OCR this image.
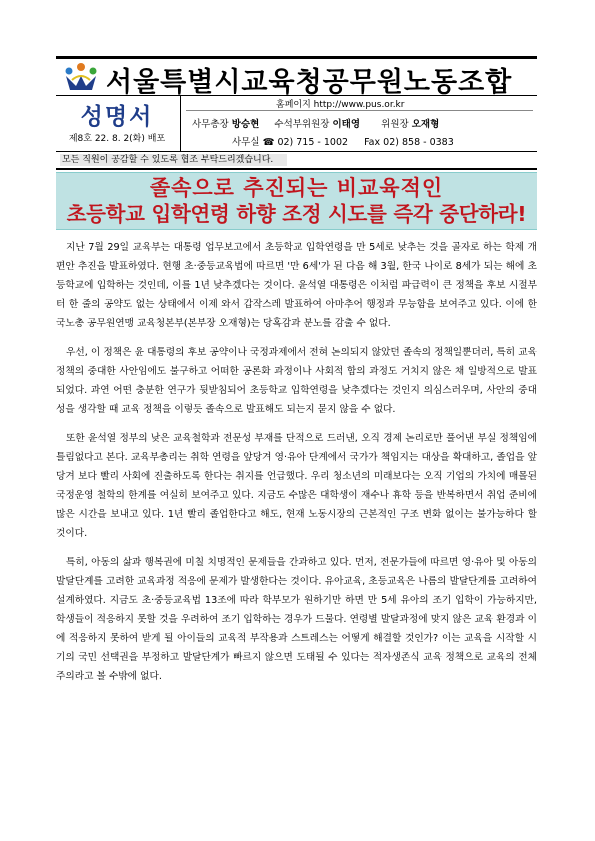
서울특별시교육청공무원노동조합
성명서
제8호 22. 8. 2(화) 배포
홈페이지 http://www.pus.or.kr
사무총장 방승현 수석부위원장 이태영 위원장 오재형
사무실 ☎ 02) 715 - 1002 Fax 02) 858 - 0383
모든 직원이 공감할 수 있도록 협조 부탁드리겠습니다.
졸속으로 추진되는 비교육적인
초등학교 입학연령 하향 조정 시도를 즉각 중단하라!

지난 7월 29일 교육부는 대통령 업무보고에서 초등학교 입학연령을 만 5세로 낮추는 것을 골자로 하는 학제 개편안 추진을 발표하였다. 현행 초·중등교육법에 따르면 '만 6세'가 된 다음 해 3월, 한국 나이로 8세가 되는 해에 초등학교에 입학하는 것인데, 이를 1년 낮추겠다는 것이다. 윤석열 대통령은 이처럼 파급력이 큰 정책을 후보 시절부터 한 줄의 공약도 없는 상태에서 이제 와서 갑작스레 발표하여 아마추어 행정과 무능함을 보여주고 있다. 이에 한국노총 공무원연맹 교육청본부(본부장 오재형)는 당혹감과 분노를 감출 수 없다.

우선, 이 정책은 윤 대통령의 후보 공약이나 국정과제에서 전혀 논의되지 않았던 졸속의 정책일뿐더러, 특히 교육정책의 중대한 사안임에도 불구하고 어떠한 공론화 과정이나 사회적 합의 과정도 거치지 않은 채 일방적으로 발표되었다. 과연 어떤 충분한 연구가 뒷받침되어 초등학교 입학연령을 낮추겠다는 것인지 의심스러우며, 사안의 중대성을 생각할 때 교육 정책을 이렇듯 졸속으로 발표해도 되는지 묻지 않을 수 없다.

또한 윤석열 정부의 낮은 교육철학과 전문성 부재를 단적으로 드러낸, 오직 경제 논리로만 풀어낸 부실 정책임에 틀림없다고 본다. 교육부총리는 취학 연령을 앞당겨 영·유아 단계에서 국가가 책임지는 대상을 확대하고, 졸업을 앞당겨 보다 빨리 사회에 진출하도록 한다는 취지를 언급했다. 우리 청소년의 미래보다는 오직 기업의 가치에 매몰된 국정운영 철학의 한계를 여실히 보여주고 있다. 지금도 수많은 대학생이 재수나 휴학 등을 반복하면서 취업 준비에 많은 시간을 보내고 있다. 1년 빨리 졸업한다고 해도, 현재 노동시장의 근본적인 구조 변화 없이는 불가능하다 할 것이다.

특히, 아동의 삶과 행복권에 미칠 치명적인 문제들을 간과하고 있다. 먼저, 전문가들에 따르면 영·유아 및 아동의 발달단계를 고려한 교육과정 적응에 문제가 발생한다는 것이다. 유아교육, 초등교육은 나름의 발달단계를 고려하여 설계하였다. 지금도 초·중등교육법 13조에 따라 학부모가 원하기만 하면 만 5세 유아의 조기 입학이 가능하지만, 학생들이 적응하지 못할 것을 우려하여 조기 입학하는 경우가 드물다. 연령별 발달과정에 맞지 않은 교육 환경과 이에 적응하지 못하여 받게 될 아이들의 교육적 부작용과 스트레스는 어떻게 해결할 것인가? 이는 교육을 시작할 시기의 국민 선택권을 부정하고 발달단계가 빠르지 않으면 도태될 수 있다는 적자생존식 교육 정책으로 교육의 전체주의라고 볼 수밖에 없다.
